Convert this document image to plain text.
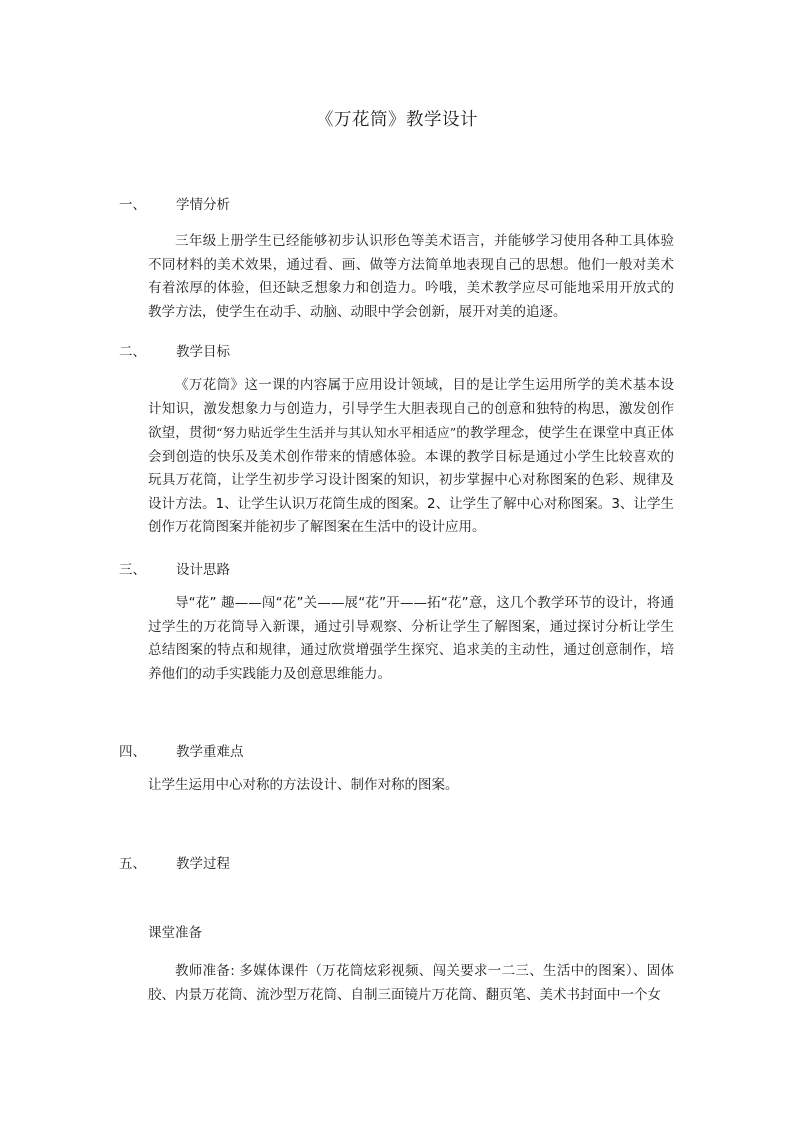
《万花筒》教学设计
一、 学情分析
三年级上册学生已经能够初步认识形色等美术语言，并能够学习使用各种工具体验不同材料的美术效果，通过看、画、做等方法简单地表现自己的思想。他们一般对美术有着浓厚的体验，但还缺乏想象力和创造力。吟哦，美术教学应尽可能地采用开放式的教学方法，使学生在动手、动脑、动眼中学会创新，展开对美的追逐。
二、 教学目标
《万花筒》这一课的内容属于应用设计领域，目的是让学生运用所学的美术基本设计知识，激发想象力与创造力，引导学生大胆表现自己的创意和独特的构思，激发创作欲望，贯彻“努力贴近学生生活并与其认知水平相适应”的教学理念，使学生在课堂中真正体会到创造的快乐及美术创作带来的情感体验。本课的教学目标是通过小学生比较喜欢的玩具万花筒，让学生初步学习设计图案的知识，初步掌握中心对称图案的色彩、规律及设计方法。1、让学生认识万花筒生成的图案。2、让学生了解中心对称图案。3、让学生创作万花筒图案并能初步了解图案在生活中的设计应用。
三、 设计思路
导“花” 趣——闯“花”关——展“花”开——拓“花”意，这几个教学环节的设计，将通过学生的万花筒导入新课，通过引导观察、分析让学生了解图案，通过探讨分析让学生总结图案的特点和规律，通过欣赏增强学生探究、追求美的主动性，通过创意制作，培养他们的动手实践能力及创意思维能力。
四、 教学重难点
让学生运用中心对称的方法设计、制作对称的图案。
五、 教学过程
课堂准备
教师准备: 多媒体课件（万花筒炫彩视频、闯关要求一二三、生活中的图案）、固体胶、内景万花筒、流沙型万花筒、自制三面镜片万花筒、翻页笔、美术书封面中一个女
